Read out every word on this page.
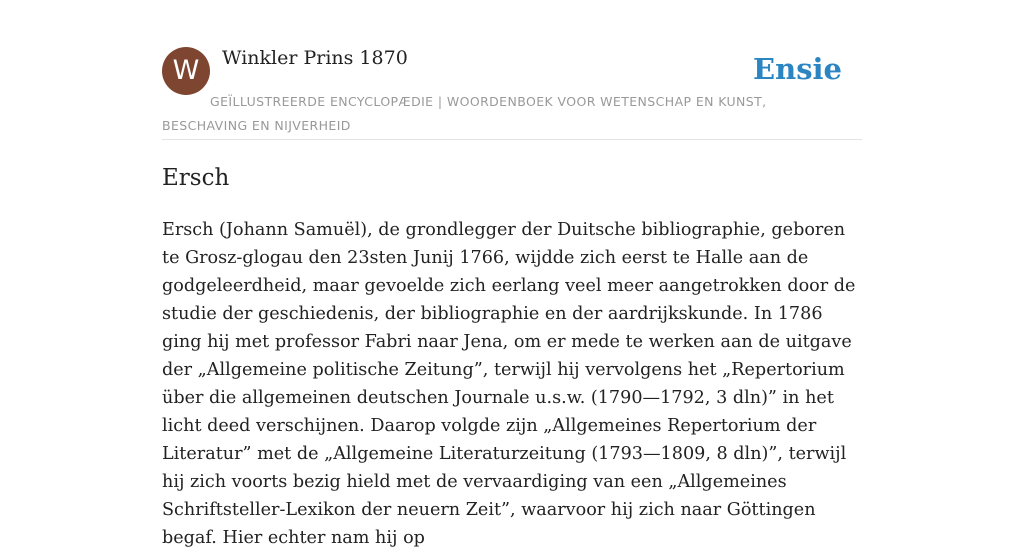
W	Winkler Prins 1870	Ensie
GEÏLLUSTREERDE ENCYCLOPÆDIE | WOORDENBOEK VOOR WETENSCHAP EN KUNST, BESCHAVING EN NIJVERHEID
Ersch

Ersch (Johann Samuël), de grondlegger der Duitsche bibliographie, geboren te Grosz-glogau den 23sten Junij 1766, wijdde zich eerst te Halle aan de godgeleerdheid, maar gevoelde zich eerlang veel meer aangetrokken door de studie der geschiedenis, der bibliographie en der aardrijkskunde. In 1786 ging hij met professor Fabri naar Jena, om er mede te werken aan de uitgave der „Allgemeine politische Zeitung”, terwijl hij vervolgens het „Repertorium über die allgemeinen deutschen Journale u.s.w. (1790—1792, 3 dln)” in het licht deed verschijnen. Daarop volgde zijn „Allgemeines Repertorium der Literatur” met de „Allgemeine Literaturzeitung (1793—1809, 8 dln)”, terwijl hij zich voorts bezig hield met de vervaardiging van een „Allgemeines Schriftsteller-Lexikon der neuern Zeit”, waarvoor hij zich naar Göttingen begaf. Hier echter nam hij op
